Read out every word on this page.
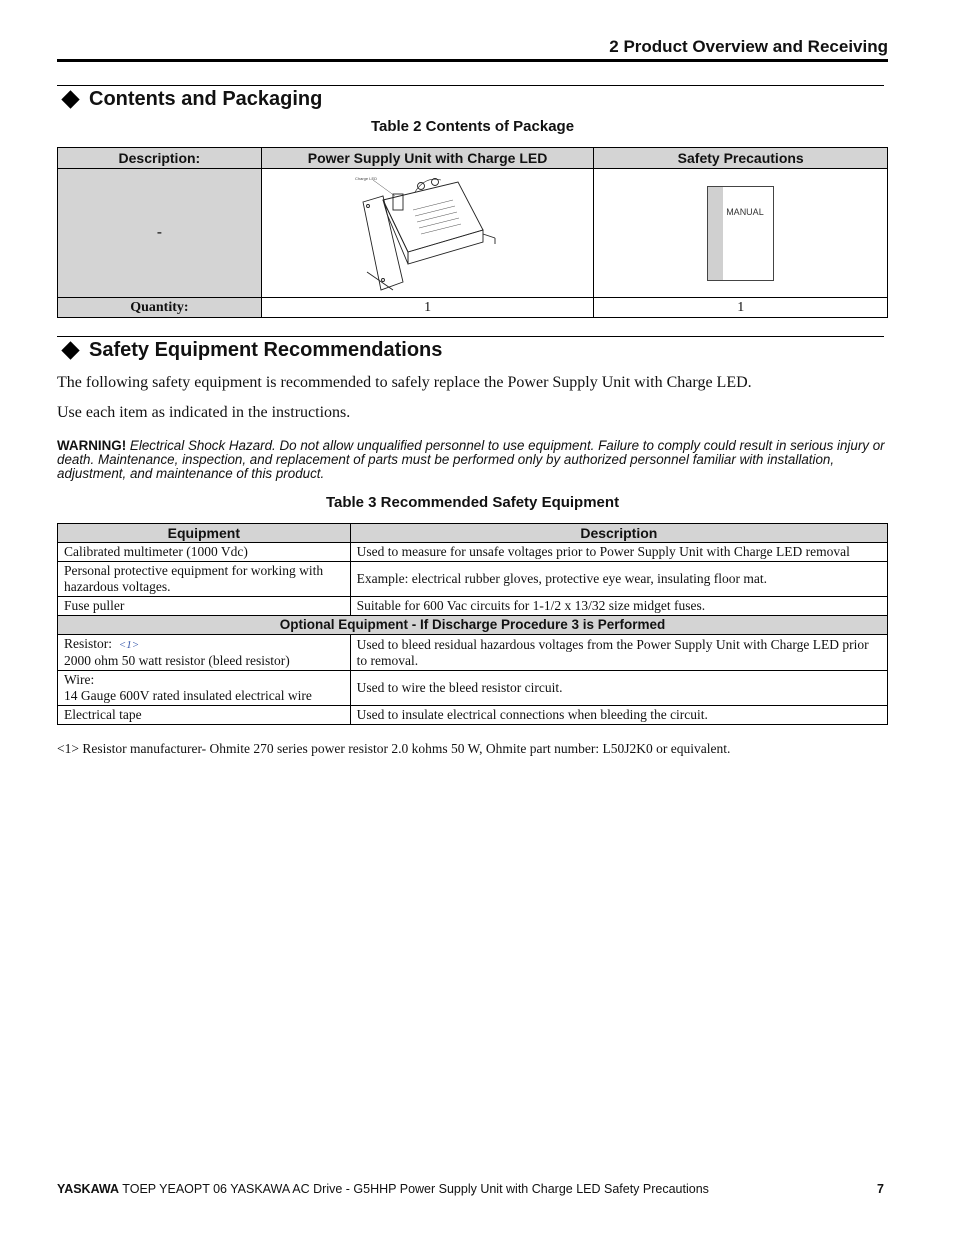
2 Product Overview and Receiving
Contents and Packaging
Table 2 Contents of Package
Description:	Power Supply Unit with Charge LED	Safety Precautions
-	Charge LED	MANUAL

Quantity:	1	1
Safety Equipment Recommendations
The following safety equipment is recommended to safely replace the Power Supply Unit with Charge LED.
Use each item as indicated in the instructions.
WARNING! Electrical Shock Hazard. Do not allow unqualified personnel to use equipment. Failure to comply could result in serious injury or death. Maintenance, inspection, and replacement of parts must be performed only by authorized personnel familiar with installation, adjustment, and maintenance of this product.
Table 3 Recommended Safety Equipment
Equipment	Description
Calibrated multimeter (1000 Vdc)	Used to measure for unsafe voltages prior to Power Supply Unit with Charge LED removal
Personal protective equipment for working with hazardous voltages.	Example: electrical rubber gloves, protective eye wear, insulating floor mat.
Fuse puller	Suitable for 600 Vac circuits for 1-1/2 x 13/32 size midget fuses.
Optional Equipment - If Discharge Procedure 3 is Performed	
Resistor: <1>
2000 ohm 50 watt resistor (bleed resistor)	Used to bleed residual hazardous voltages from the Power Supply Unit with Charge LED prior to removal.
Wire:
14 Gauge 600V rated insulated electrical wire	Used to wire the bleed resistor circuit.
Electrical tape	Used to insulate electrical connections when bleeding the circuit.
<1> Resistor manufacturer- Ohmite 270 series power resistor 2.0 kohms 50 W, Ohmite part number: L50J2K0 or equivalent.
YASKAWA TOEP YEAOPT 06 YASKAWA AC Drive - G5HHP Power Supply Unit with Charge LED Safety Precautions	7
